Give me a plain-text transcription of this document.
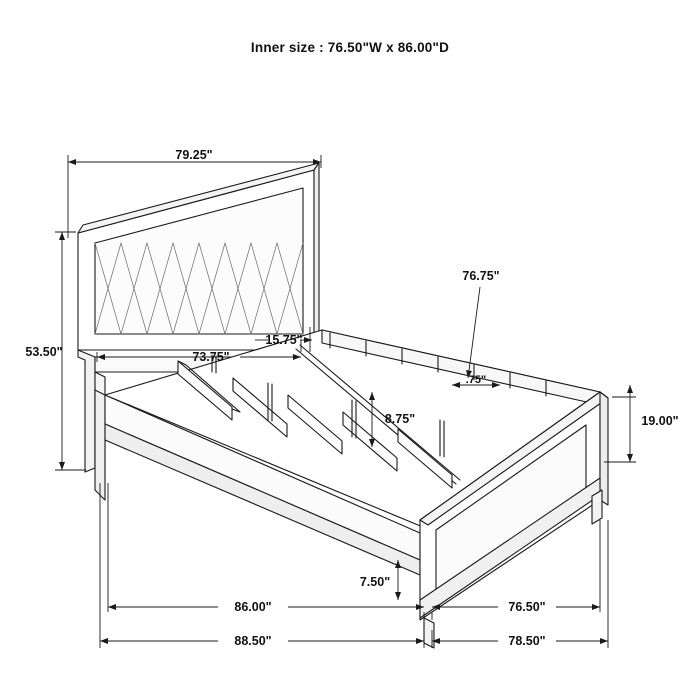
Inner size : 76.50"W x 86.00"D
79.25"
53.50"	73.75"
15.75"
76.75"
.75"
8.75"	19.00"
7.50"
86.00"
88.50"
76.50"
78.50"
